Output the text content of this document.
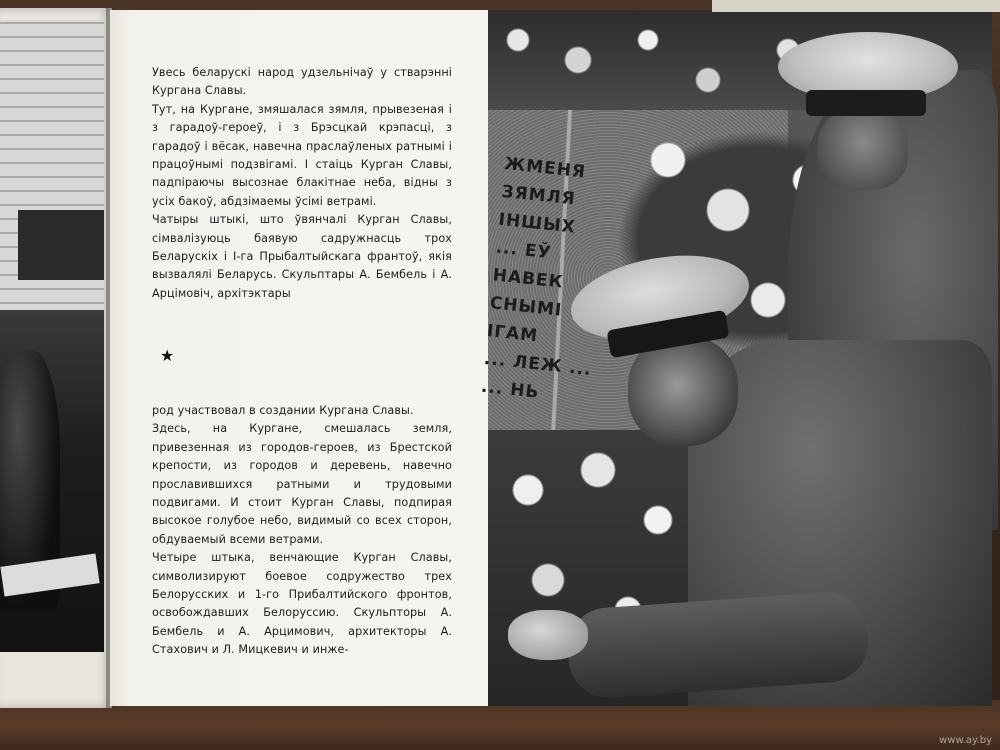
Увесь беларускі народ удзельнічаў у стварэнні Кургана Славы.

Тут, на Кургане, змяшалася зямля, прывезеная і з гарадоў-героеў, і з Брэсцкай крэпасці, з гарадоў і вёсак, навечна праслаўленых ратнымі і працоўнымі подзвігамі. І стаіць Курган Славы, падпіраючы высознае блакітнае неба, відны з усіх бакоў, абдзімаемы ўсімі ветрамі.

Чатыры штыкі, што ўвянчалі Курган Славы, сімвалізуюць баявую садружнасць трох Беларускіх і І-га Прыбалтыйскага франтоў, якія вызвалялі Беларусь. Скульптары А. Бембель і А. Арцімовіч, архітэктары

★

род участвовал в создании Кургана Славы.

Здесь, на Кургане, смешалась земля, привезенная из городов-героев, из Брестской крепости, из городов и деревень, навечно прославившихся ратными и трудовыми подвигами. И стоит Курган Славы, подпирая высокое голубое небо, видимый со всех сторон, обдуваемый всеми ветрами.

Четыре штыка, венчающие Курган Славы, символизируют боевое содружество трех Белорусских и 1-го Прибалтийского фронтов, освобождавших Белоруссию. Скульпторы А. Бембель и А. Арцимович, архитекторы А. Стахович и Л. Мицкевич и инже-

ЖМЕНЯ
ЗЯМЛЯ
ІНШЫХ
... ЕЎ
НАВЕК
СНЫМІ
ІГАМ
... ЛЕЖ ...
... НЬ
www.ay.by
